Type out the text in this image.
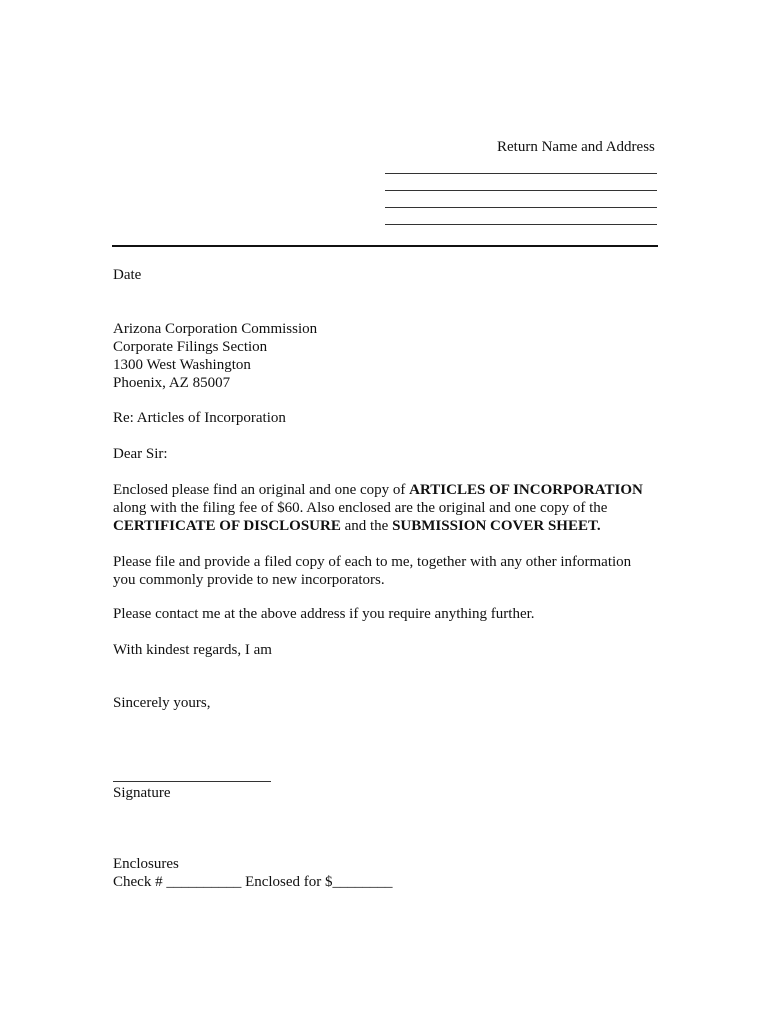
Return Name and Address
Date
Arizona Corporation Commission
Corporate Filings Section
1300 West Washington
Phoenix, AZ 85007
Re: Articles of Incorporation
Dear Sir:
Enclosed please find an original and one copy of ARTICLES OF INCORPORATION
along with the filing fee of $60. Also enclosed are the original and one copy of the
CERTIFICATE OF DISCLOSURE and the SUBMISSION COVER SHEET.
Please file and provide a filed copy of each to me, together with any other information
you commonly provide to new incorporators.
Please contact me at the above address if you require anything further.
With kindest regards, I am
Sincerely yours,
Signature
Enclosures
Check # __________ Enclosed for $________
